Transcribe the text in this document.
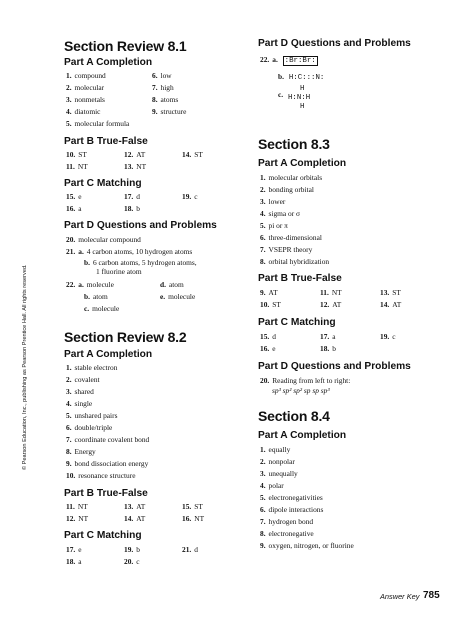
Section Review 8.1
Part A Completion
1. compound	6. low
2. molecular	7. high
3. nonmetals	8. atoms
4. diatomic	9. structure
5. molecular formula
Part B True-False
10. ST	12. AT	14. ST
11. NT	13. NT
Part C Matching
15. e	17. d	19. c
16. a	18. b
Part D Questions and Problems
20. molecular compound
21. a. 4 carbon atoms, 10 hydrogen atoms
b. 6 carbon atoms, 5 hydrogen atoms,
1 fluorine atom
22. a. molecule	d. atom
b. atom	e. molecule
c. molecule
Section Review 8.2
Part A Completion
1. stable electron
2. covalent
3. shared
4. single
5. unshared pairs
6. double/triple
7. coordinate covalent bond
8. Energy
9. bond dissociation energy
10. resonance structure
Part B True-False
11. NT	13. AT	15. ST
12. NT	14. AT	16. NT
Part C Matching
17. e	19. b	21. d
18. a	20. c
Part D Questions and Problems
22. a. :Br:Br:
b. H:C:::N:
c.
H
H:N:H
H
Section 8.3
Part A Completion
1. molecular orbitals
2. bonding orbital
3. lower
4. sigma or σ
5. pi or π
6. three-dimensional
7. VSEPR theory
8. orbital hybridization
Part B True-False
9. AT	11. NT	13. ST
10. ST	12. AT	14. AT
Part C Matching
15. d	17. a	19. c
16. e	18. b
Part D Questions and Problems
20. Reading from left to right:
sp³ sp² sp² sp sp sp³
Section 8.4
Part A Completion
1. equally
2. nonpolar
3. unequally
4. polar
5. electronegativities
6. dipole interactions
7. hydrogen bond
8. electronegative
9. oxygen, nitrogen, or fluorine
© Pearson Education, Inc., publishing as Pearson Prentice Hall. All rights reserved.
Answer Key 785
